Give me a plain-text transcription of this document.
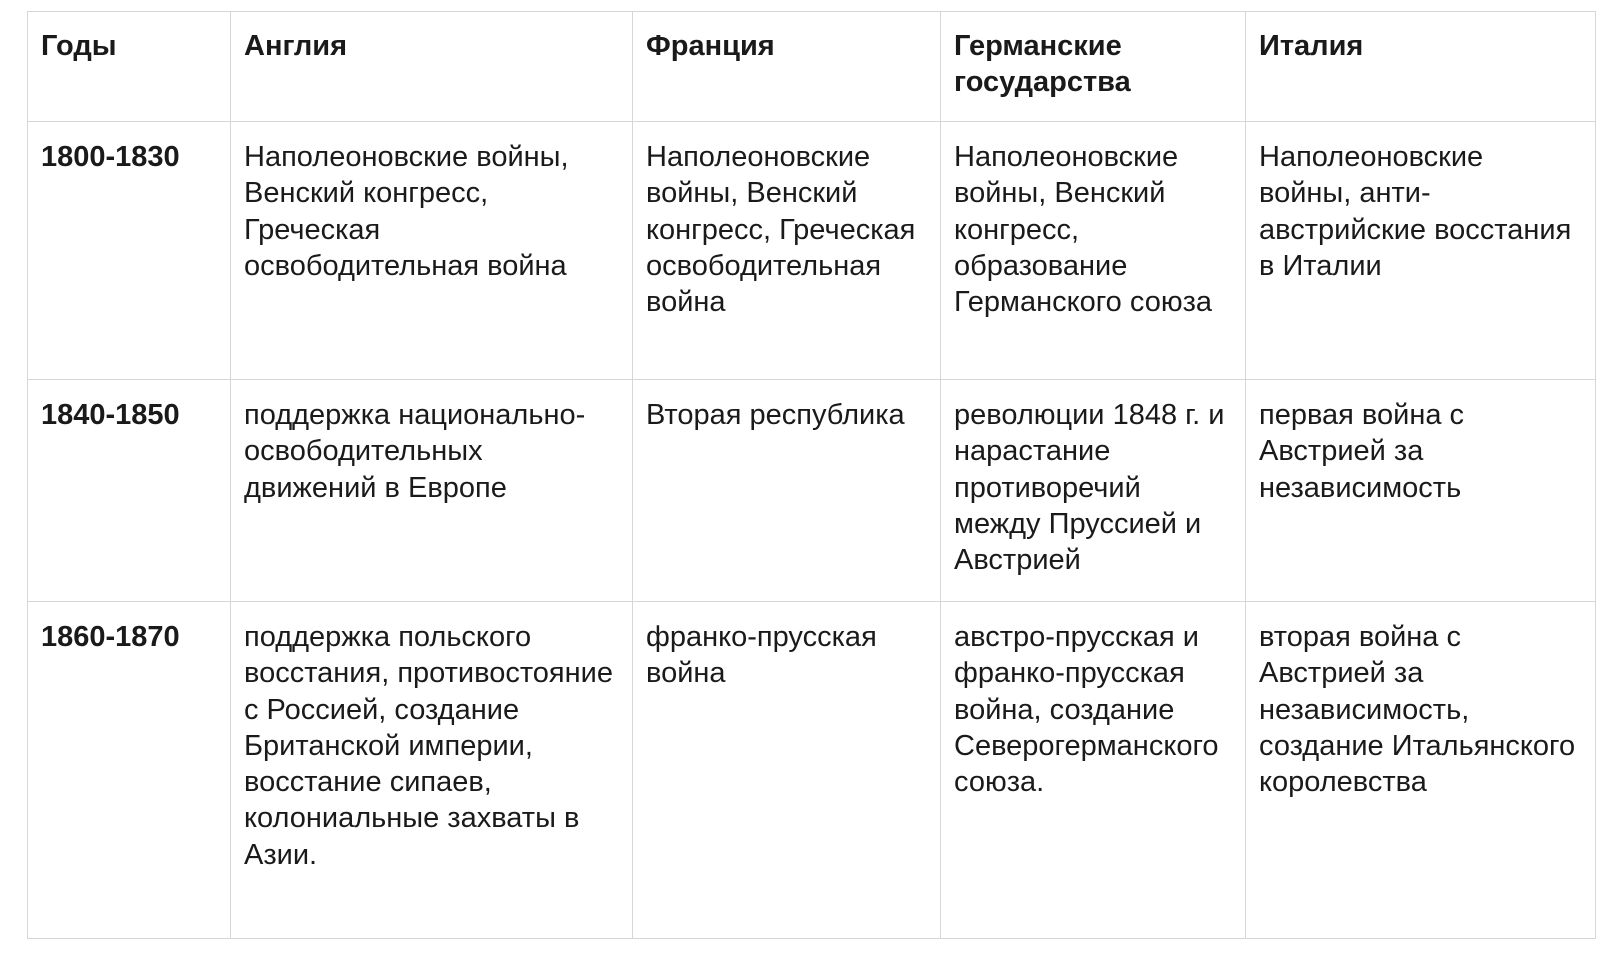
Годы	Англия	Франция	Германские государства	Италия
1800-1830	Наполеоновские войны, Венский конгресс, Греческая освободительная война	Наполеоновские войны, Венский конгресс, Греческая освободительная война	Наполеоновские войны, Венский конгресс, образование Германского союза	Наполеоновские войны, анти-австрийские восстания в Италии
1840-1850	поддержка национально-освободительных движений в Европе	Вторая республика	революции 1848 г. и нарастание противоречий между Пруссией и Австрией	первая война с Австрией за независимость
1860-1870	поддержка польского восстания, противостояние с Россией, создание Британской империи, восстание сипаев, колониальные захваты в Азии.	франко-прусская война	австро-прусская и франко-прусская война, создание Северогерманского союза.	вторая война с Австрией за независимость, создание Итальянского королевства
